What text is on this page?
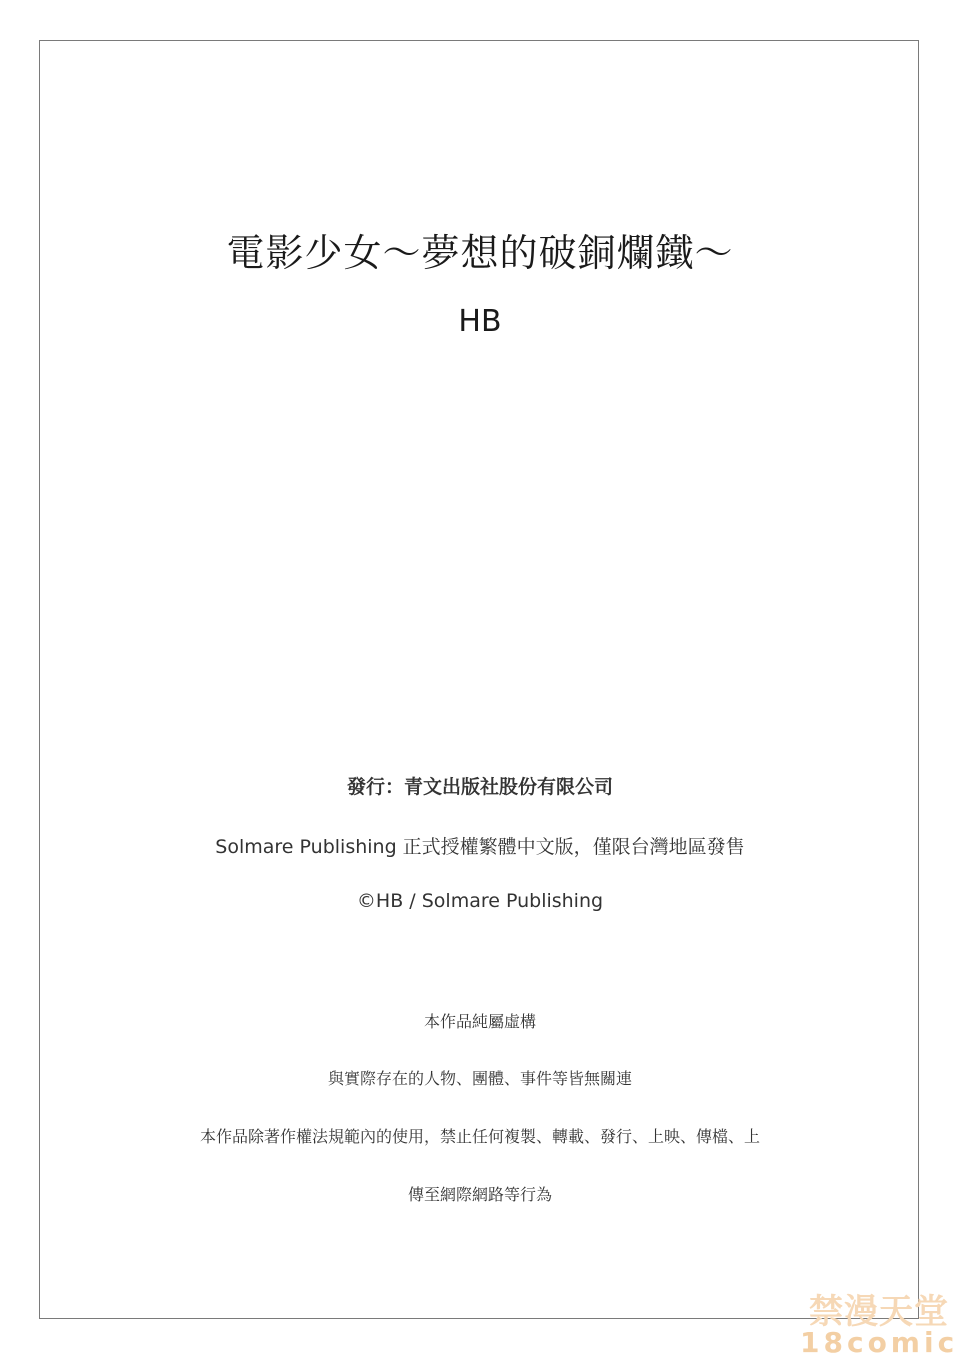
電影少女～夢想的破銅爛鐵～
HB
發行：青文出版社股份有限公司
Solmare Publishing 正式授權繁體中文版，僅限台灣地區發售
©HB / Solmare Publishing
本作品純屬虛構
與實際存在的人物、團體、事件等皆無關連
本作品除著作權法規範內的使用，禁止任何複製、轉載、發行、上映、傳檔、上
傳至網際網路等行為
禁漫天堂
18comic
